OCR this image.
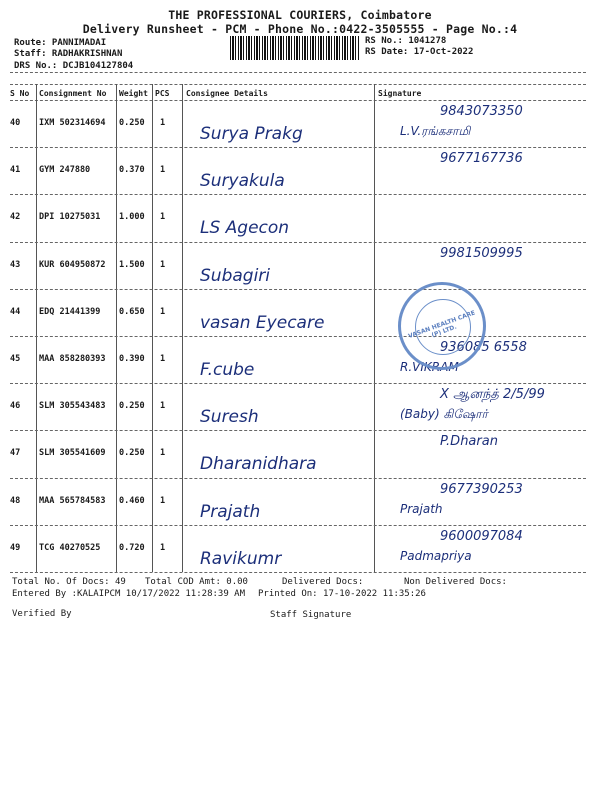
THE PROFESSIONAL COURIERS, Coimbatore
Delivery Runsheet - PCM - Phone No.:0422-3505555 - Page No.:4
Route: PANNIMADAI
Staff: RADHAKRISHNAN
DRS No.: DCJB104127804
RS No.: 1041278
RS Date: 17-Oct-2022
S No Consignment No Weight PCS Consignee Details	Signature
40 IXM 502314694 0.250 1
Surya Prakg
9843073350
L.V.ரங்கசாமி
41 GYM 247880	0.370 1
Suryakula
9677167736
42 DPI 10275031 1.000 1
LS Agecon
43 KUR 604950872 1.500 1
Subagiri
9981509995
44 EDQ 21441399 0.650 1
vasan Eyecare
45 MAA 858280393 0.390 1
F.cube
936085 6558
R.VIKRAM
46 SLM 305543483 0.250 1
Suresh
X ஆனந்த் 2/5/99
(Baby) கிஷோர்
47 SLM 305541609 0.250 1
Dharanidhara
P.Dharan
48 MAA 565784583 0.460 1
Prajath
9677390253
Prajath
49 TCG 40270525 0.720 1
Ravikumr
9600097084
Padmapriya
VASAN HEALTH CARE (P) LTD.
Total No. Of Docs: 49 Total COD Amt: 0.00	Delivered Docs:	Non Delivered Docs:
Entered By :KALAIPCM 10/17/2022 11:28:39 AM Printed On: 17-10-2022 11:35:26
Verified By	Staff Signature
